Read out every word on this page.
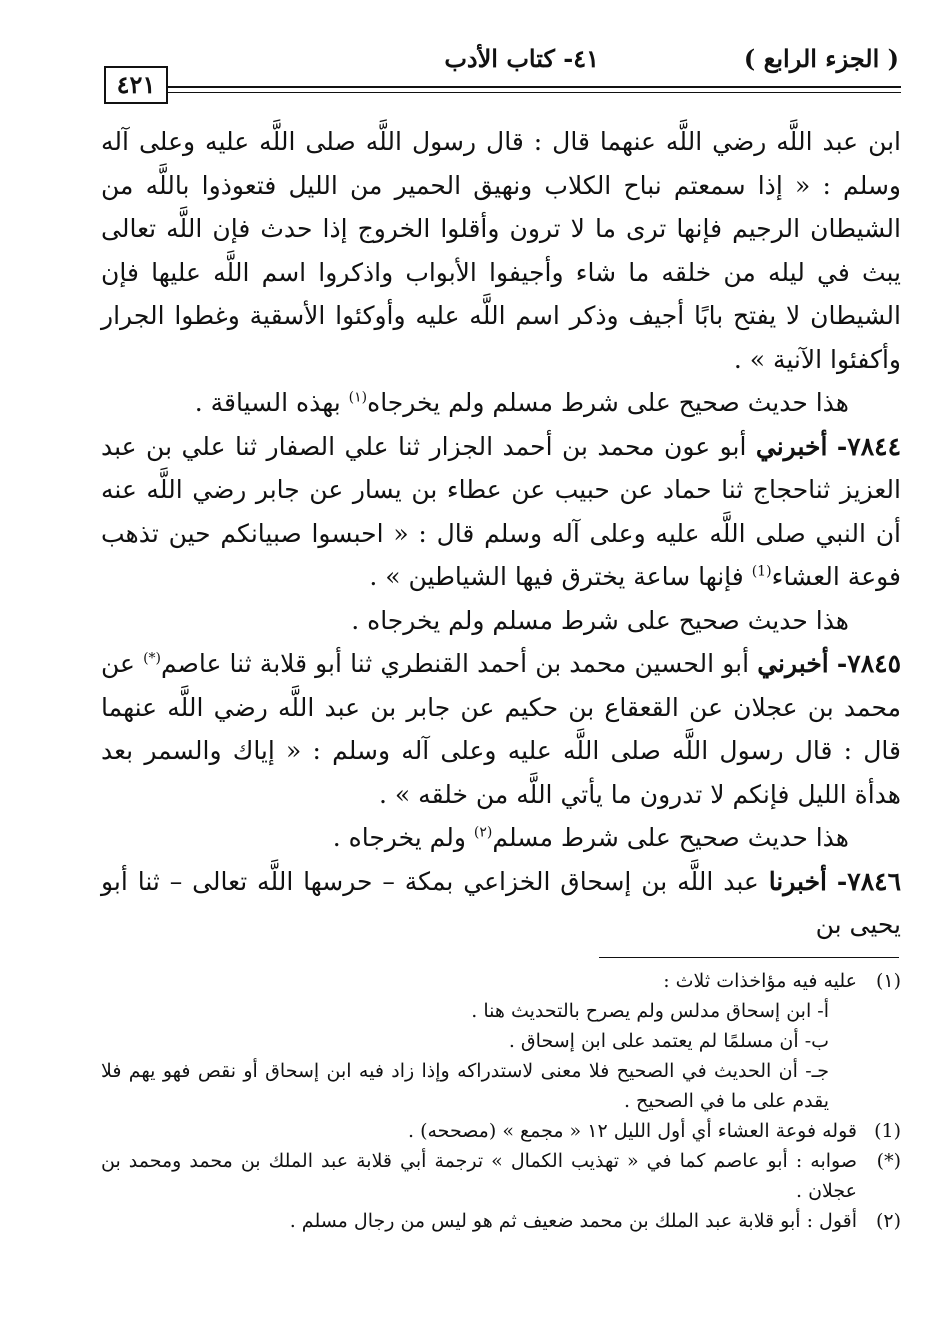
( الجزء الرابع )
٤١- كتاب الأدب
٤٢١

ابن عبد اللَّه رضي اللَّه عنهما قال : قال رسول اللَّه صلى اللَّه عليه وعلى آله وسلم : « إذا سمعتم نباح الكلاب ونهيق الحمير من الليل فتعوذوا باللَّه من الشيطان الرجيم فإنها ترى ما لا ترون وأقلوا الخروج إذا حدث فإن اللَّه تعالى يبث في ليله من خلقه ما شاء وأجيفوا الأبواب واذكروا اسم اللَّه عليها فإن الشيطان لا يفتح بابًا أجيف وذكر اسم اللَّه عليه وأوكئوا الأسقية وغطوا الجرار وأكفئوا الآنية » .

هذا حديث صحيح على شرط مسلم ولم يخرجاه$^{(١)}$ بهذه السياقة .

٧٨٤٤- أخبرني أبو عون محمد بن أحمد الجزار ثنا علي الصفار ثنا علي بن عبد العزيز ثناحجاج ثنا حماد عن حبيب عن عطاء بن يسار عن جابر رضي اللَّه عنه أن النبي صلى اللَّه عليه وعلى آله وسلم قال : « احبسوا صبيانكم حين تذهب فوعة العشاء$^{(1)}$ فإنها ساعة يخترق فيها الشياطين » .

هذا حديث صحيح على شرط مسلم ولم يخرجاه .

٧٨٤٥- أخبرني أبو الحسين محمد بن أحمد القنطري ثنا أبو قلابة ثنا عاصم(*) عن محمد بن عجلان عن القعقاع بن حكيم عن جابر بن عبد اللَّه رضي اللَّه عنهما قال : قال رسول اللَّه صلى اللَّه عليه وعلى آله وسلم : « إياك والسمر بعد هدأة الليل فإنكم لا تدرون ما يأتي اللَّه من خلقه » .

هذا حديث صحيح على شرط مسلم$^{(٢)}$ ولم يخرجاه .

٧٨٤٦- أخبرنا عبد اللَّه بن إسحاق الخزاعي بمكة – حرسها اللَّه تعالى – ثنا أبو يحيى بن

(١)
عليه فيه مؤاخذات ثلاث :

أ- ابن إسحاق مدلس ولم يصرح بالتحديث هنا .

ب- أن مسلمًا لم يعتمد على ابن إسحاق .

جـ- أن الحديث في الصحيح فلا معنى لاستدراكه وإذا زاد فيه ابن إسحاق أو نقص فهو يهم فلا يقدم على ما في الصحيح .

(1)
قوله فوعة العشاء أي أول الليل ١٢ « مجمع » (مصححه) .

(*)
صوابه : أبو عاصم كما في « تهذيب الكمال » ترجمة أبي قلابة عبد الملك بن محمد ومحمد بن عجلان .

(٢)
أقول : أبو قلابة عبد الملك بن محمد ضعيف ثم هو ليس من رجال مسلم .
